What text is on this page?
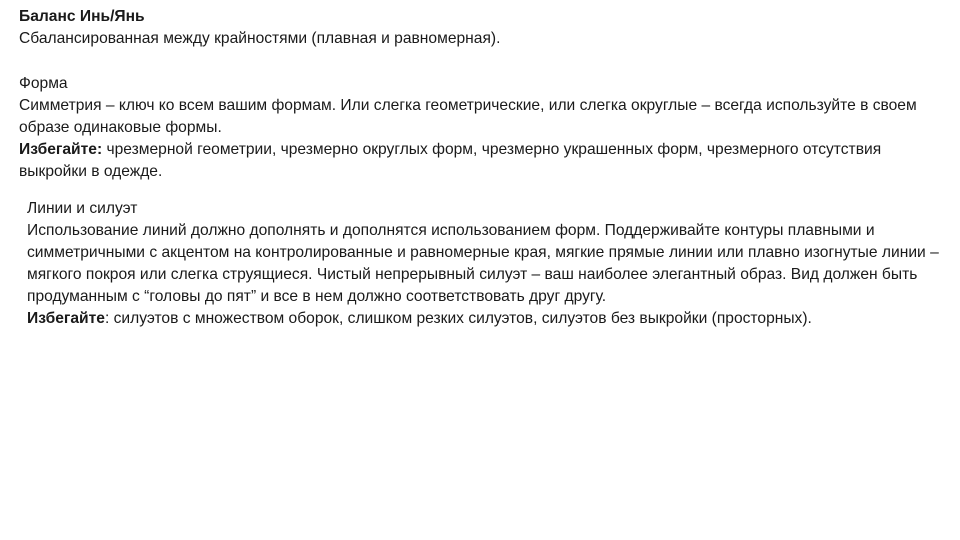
Баланс Инь/Янь

Сбалансированная между крайностями (плавная и равномерная).

Форма

Симметрия – ключ ко всем вашим формам. Или слегка геометрические, или слегка округлые – всегда используйте в своем образе одинаковые формы.

Избегайте: чрезмерной геометрии, чрезмерно округлых форм, чрезмерно украшенных форм, чрезмерного отсутствия выкройки в одежде.

Линии и силуэт

Использование линий должно дополнять и дополнятся использованием форм. Поддерживайте контуры плавными и симметричными с акцентом на контролированные и равномерные края, мягкие прямые линии или плавно изогнутые линии – мягкого покроя или слегка струящиеся. Чистый непрерывный силуэт – ваш наиболее элегантный образ. Вид должен быть продуманным с “головы до пят” и все в нем должно соответствовать друг другу.

Избегайте: силуэтов с множеством оборок, слишком резких силуэтов, силуэтов без выкройки (просторных).
